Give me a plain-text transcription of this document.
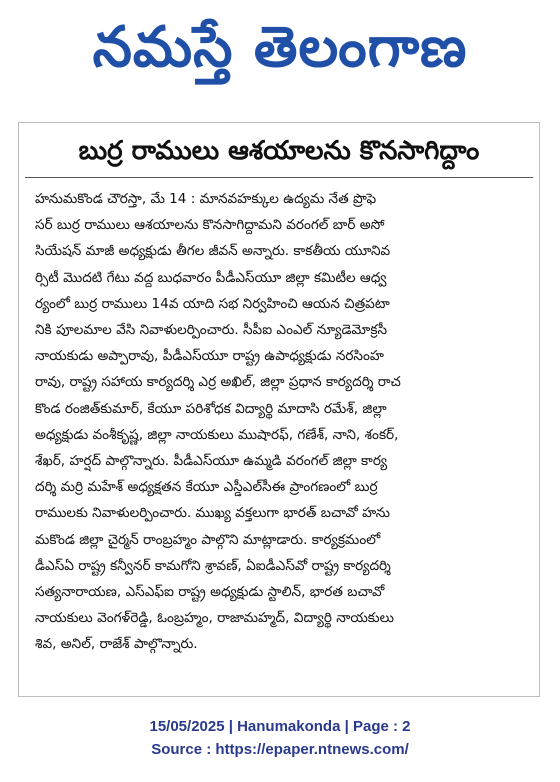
నమస్తే తెలంగాణ
బుర్ర రాములు ఆశయాలను కొనసాగిద్దాం
హనుమకొండ చౌరస్తా, మే 14 : మానవహక్కుల ఉద్యమ నేత ప్రొఫె
సర్ బుర్ర రాములు ఆశయాలను కొనసాగిద్దామని వరంగల్ బార్ అసో
సియేషన్ మాజీ అధ్యక్షుడు తీగల జీవన్ అన్నారు. కాకతీయ యూనివ
ర్సిటీ మొదటి గేటు వద్ద బుధవారం పీడీఎస్‌యూ జిల్లా కమిటీల ఆధ్వ
ర్యంలో బుర్ర రాములు 14వ యాది సభ నిర్వహించి ఆయన చిత్రపటా
నికి పూలమాల వేసి నివాళులర్పించారు. సీపీఐ ఎంఎల్ న్యూడెమోక్రసీ
నాయకుడు అప్పారావు, పీడీఎస్‌యూ రాష్ట్ర ఉపాధ్యక్షుడు నరసింహ
రావు, రాష్ట్ర సహాయ కార్యదర్శి ఎర్ర అఖిల్, జిల్లా ప్రధాన కార్యదర్శి రాచ
కొండ రంజిత్‌కుమార్, కేయూ పరిశోధక విద్యార్థి మాదాసి రమేశ్, జిల్లా
అధ్యక్షుడు వంశీకృష్ణ, జిల్లా నాయకులు ముషారఫ్, గణేశ్, నాని, శంకర్,
శేఖర్, హర్షద్ పాల్గొన్నారు. పీడీఎస్‌యూ ఉమ్మడి వరంగల్ జిల్లా కార్య
దర్శి మర్రి మహేశ్ అధ్యక్షతన కేయూ ఎస్డీఎల్‌సీఈ ప్రాంగణంలో బుర్ర
రాములకు నివాళులర్పించారు. ముఖ్య వక్తలుగా భారత్ బచావో హను
మకొండ జిల్లా చైర్మన్ రాంబ్రహ్మం పాల్గొని మాట్లాడారు. కార్యక్రమంలో
డీఎస్‌ఏ రాష్ట్ర కన్వీనర్ కామగోని శ్రావణ్, ఏఐడీఎస్‌వో రాష్ట్ర కార్యదర్శి
సత్యనారాయణ, ఎస్‌ఎఫ్‌ఐ రాష్ట్ర అధ్యక్షుడు స్టాలిన్, భారత బచావో
నాయకులు వెంగళ్‌రెడ్డి, ఓంబ్రహ్మం, రాజామహ్మద్, విద్యార్థి నాయకులు
శివ, అనిల్, రాజేశ్ పాల్గొన్నారు.
15/05/2025 | Hanumakonda | Page : 2
Source : https://epaper.ntnews.com/
